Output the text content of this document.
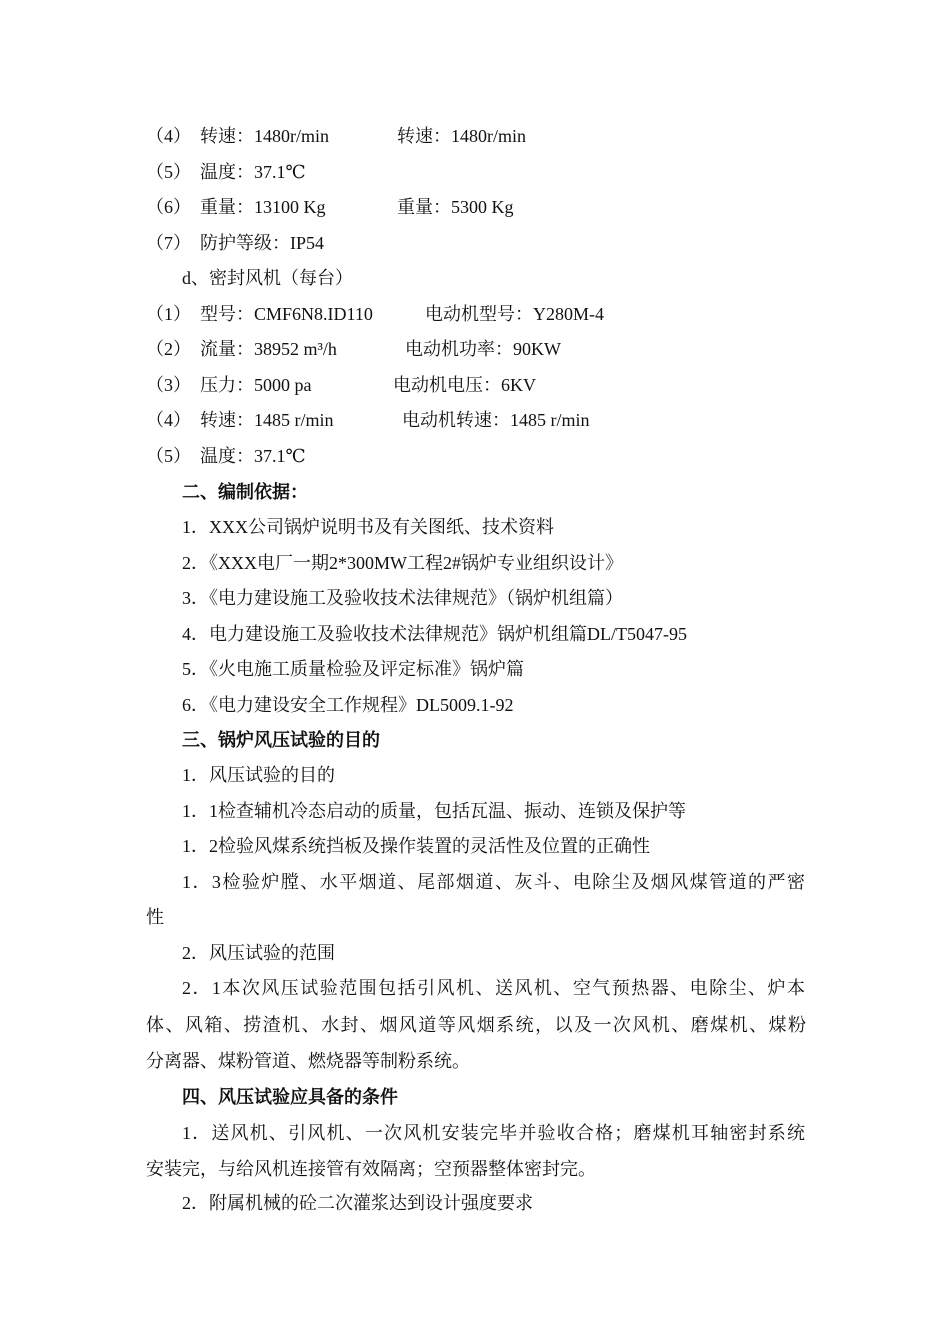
（4） 转速：1480r/min	转速：1480r/min
（5） 温度：37.1℃
（6） 重量：13100 Kg	重量：5300 Kg
（7） 防护等级：IP54
d、密封风机（每台）
（1） 型号：CMF6N8.ID110	电动机型号：Y280M-4
（2） 流量：38952 m³/h	电动机功率：90KW
（3） 压力：5000 pa	电动机电压：6KV
（4） 转速：1485 r/min	电动机转速：1485 r/min
（5） 温度：37.1℃
二、编制依据：
1．XXX公司锅炉说明书及有关图纸、技术资料
2．《XXX电厂一期2*300MW工程2#锅炉专业组织设计》
3．《电力建设施工及验收技术法律规范》（锅炉机组篇）
4．电力建设施工及验收技术法律规范》锅炉机组篇DL/T5047-95
5．《火电施工质量检验及评定标准》锅炉篇
6．《电力建设安全工作规程》DL5009.1-92
三、锅炉风压试验的目的
1．风压试验的目的
1．1检查辅机冷态启动的质量，包括瓦温、振动、连锁及保护等
1．2检验风煤系统挡板及操作装置的灵活性及位置的正确性
1．3检验炉膛、水平烟道、尾部烟道、灰斗、电除尘及烟风煤管道的严密
性
2．风压试验的范围
2．1本次风压试验范围包括引风机、送风机、空气预热器、电除尘、炉本
体、风箱、捞渣机、水封、烟风道等风烟系统，以及一次风机、磨煤机、煤粉
分离器、煤粉管道、燃烧器等制粉系统。
四、风压试验应具备的条件
1．送风机、引风机、一次风机安装完毕并验收合格；磨煤机耳轴密封系统
安装完，与给风机连接管有效隔离；空预器整体密封完。
2．附属机械的砼二次灌浆达到设计强度要求
